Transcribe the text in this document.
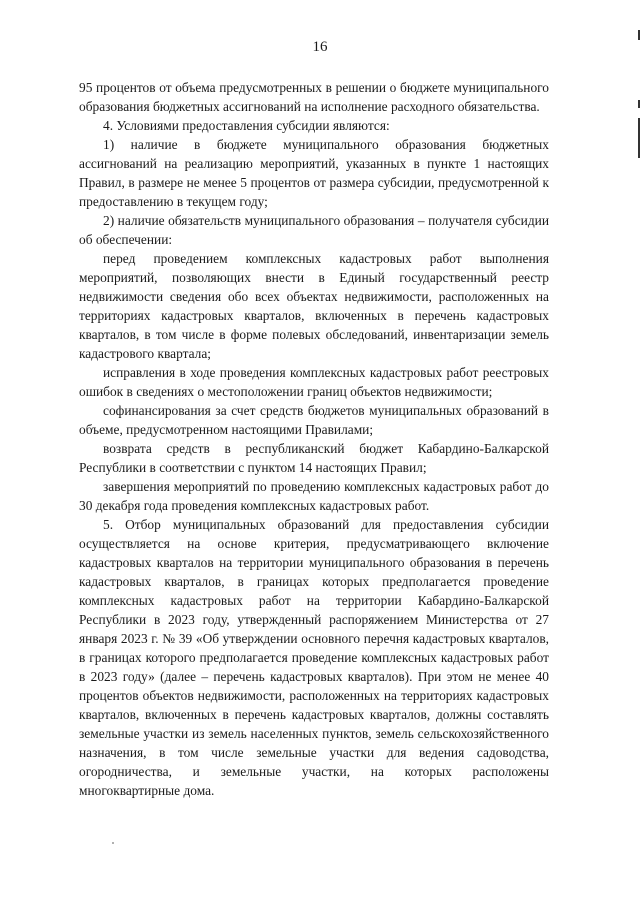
16

95 процентов от объема предусмотренных в решении о бюджете муниципального образования бюджетных ассигнований на исполнение расходного обязательства.

4. Условиями предоставления субсидии являются:

1) наличие в бюджете муниципального образования бюджетных ассигнований на реализацию мероприятий, указанных в пункте 1 настоящих Правил, в размере не менее 5 процентов от размера субсидии, предусмотренной к предоставлению в текущем году;

2) наличие обязательств муниципального образования – получателя субсидии об обеспечении:

перед проведением комплексных кадастровых работ выполнения мероприятий, позволяющих внести в Единый государственный реестр недвижимости сведения обо всех объектах недвижимости, расположенных на территориях кадастровых кварталов, включенных в перечень кадастровых кварталов, в том числе в форме полевых обследований, инвентаризации земель кадастрового квартала;

исправления в ходе проведения комплексных кадастровых работ реестровых ошибок в сведениях о местоположении границ объектов недвижимости;

софинансирования за счет средств бюджетов муниципальных образований в объеме, предусмотренном настоящими Правилами;

возврата средств в республиканский бюджет Кабардино-Балкарской Республики в соответствии с пунктом 14 настоящих Правил;

завершения мероприятий по проведению комплексных кадастровых работ до 30 декабря года проведения комплексных кадастровых работ.

5. Отбор муниципальных образований для предоставления субсидии осуществляется на основе критерия, предусматривающего включение кадастровых кварталов на территории муниципального образования в перечень кадастровых кварталов, в границах которых предполагается проведение комплексных кадастровых работ на территории Кабардино-Балкарской Республики в 2023 году, утвержденный распоряжением Министерства от 27 января 2023 г. № 39 «Об утверждении основного перечня кадастровых кварталов, в границах которого предполагается проведение комплексных кадастровых работ в 2023 году» (далее – перечень кадастровых кварталов). При этом не менее 40 процентов объектов недвижимости, расположенных на территориях кадастровых кварталов, включенных в перечень кадастровых кварталов, должны составлять земельные участки из земель населенных пунктов, земель сельскохозяйственного назначения, в том числе земельные участки для ведения садоводства, огородничества, и земельные участки, на которых расположены многоквартирные дома.
